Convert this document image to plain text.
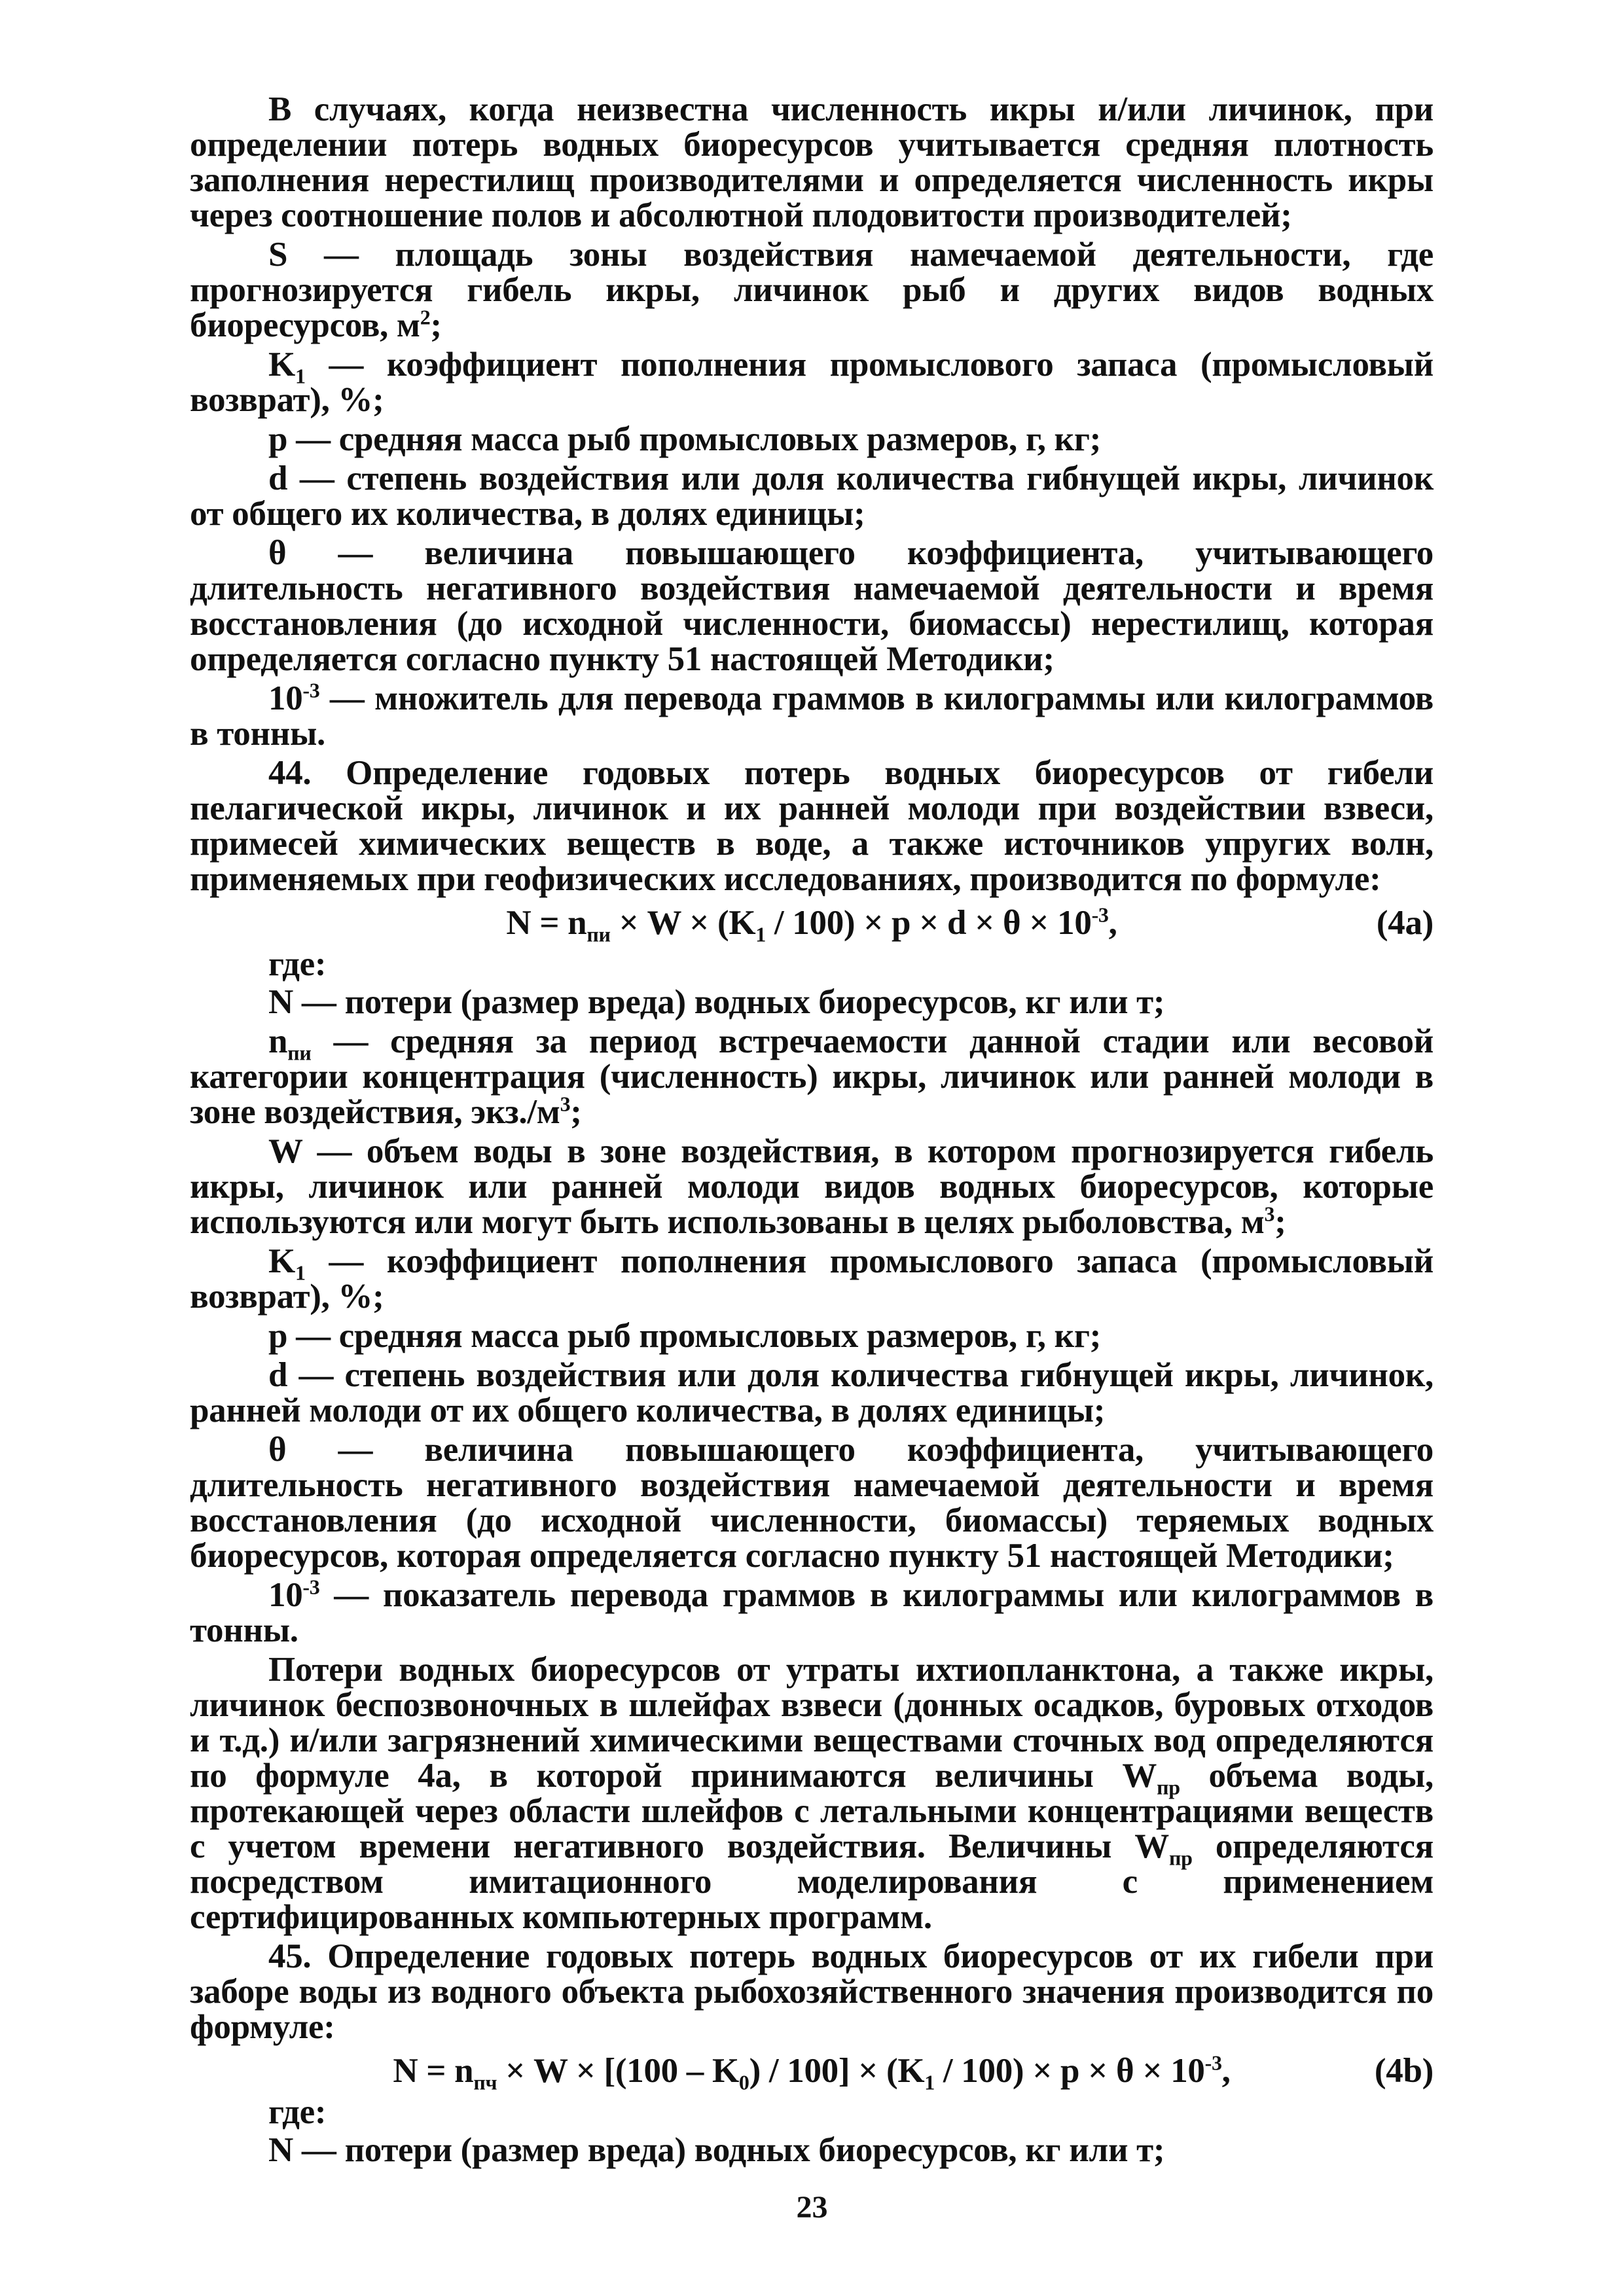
В случаях, когда неизвестна численность икры и/или личинок, при определении потерь водных биоресурсов учитывается средняя плотность заполнения нерестилищ производителями и определяется численность икры через соотношение полов и абсолютной плодовитости производителей;

S — площадь зоны воздействия намечаемой деятельности, где прогнозируется гибель икры, личинок рыб и других видов водных биоресурсов, $м^2$;

$K_1$ — коэффициент пополнения промыслового запаса (промысловый возврат), %;

p — средняя масса рыб промысловых размеров, г, кг;

d — степень воздействия или доля количества гибнущей икры, личинок от общего их количества, в долях единицы;

θ — величина повышающего коэффициента, учитывающего длительность негативного воздействия намечаемой деятельности и время восстановления (до исходной численности, биомассы) нерестилищ, которая определяется согласно пункту 51 настоящей Методики;

$10^{-3}$ — множитель для перевода граммов в килограммы или килограммов в тонны.

44. Определение годовых потерь водных биоресурсов от гибели пелагической икры, личинок и их ранней молоди при воздействии взвеси, примесей химических веществ в воде, а также источников упругих волн, применяемых при геофизических исследованиях, производится по формуле:

$N = n_{пи} \times W \times (K_1 / 100) \times p \times d \times \theta \times 10^{-3}$,	(4a)

где:

N — потери (размер вреда) водных биоресурсов, кг или т;

$n_{пи}$ — средняя за период встречаемости данной стадии или весовой категории концентрация (численность) икры, личинок или ранней молоди в зоне воздействия, $экз./м^3$;

W — объем воды в зоне воздействия, в котором прогнозируется гибель икры, личинок или ранней молоди видов водных биоресурсов, которые используются или могут быть использованы в целях рыболовства, $м^3$;

$K_1$ — коэффициент пополнения промыслового запаса (промысловый возврат), %;

p — средняя масса рыб промысловых размеров, г, кг;

d — степень воздействия или доля количества гибнущей икры, личинок, ранней молоди от их общего количества, в долях единицы;

θ — величина повышающего коэффициента, учитывающего длительность негативного воздействия намечаемой деятельности и время восстановления (до исходной численности, биомассы) теряемых водных биоресурсов, которая определяется согласно пункту 51 настоящей Методики;

$10^{-3}$ — показатель перевода граммов в килограммы или килограммов в тонны.

Потери водных биоресурсов от утраты ихтиопланктона, а также икры, личинок беспозвоночных в шлейфах взвеси (донных осадков, буровых отходов и т.д.) и/или загрязнений химическими веществами сточных вод определяются по формуле 4а, в которой принимаются величины $W_{пр}$ объема воды, протекающей через области шлейфов с летальными концентрациями веществ с учетом времени негативного воздействия. Величины $W_{пр}$ определяются посредством имитационного моделирования с применением сертифицированных компьютерных программ.

45. Определение годовых потерь водных биоресурсов от их гибели при заборе воды из водного объекта рыбохозяйственного значения производится по формуле:

$N = n_{пч} \times W \times [(100 - K_0) / 100] \times (K_1 / 100) \times p \times \theta \times 10^{-3}$,	(4b)

где:

N — потери (размер вреда) водных биоресурсов, кг или т;

23
